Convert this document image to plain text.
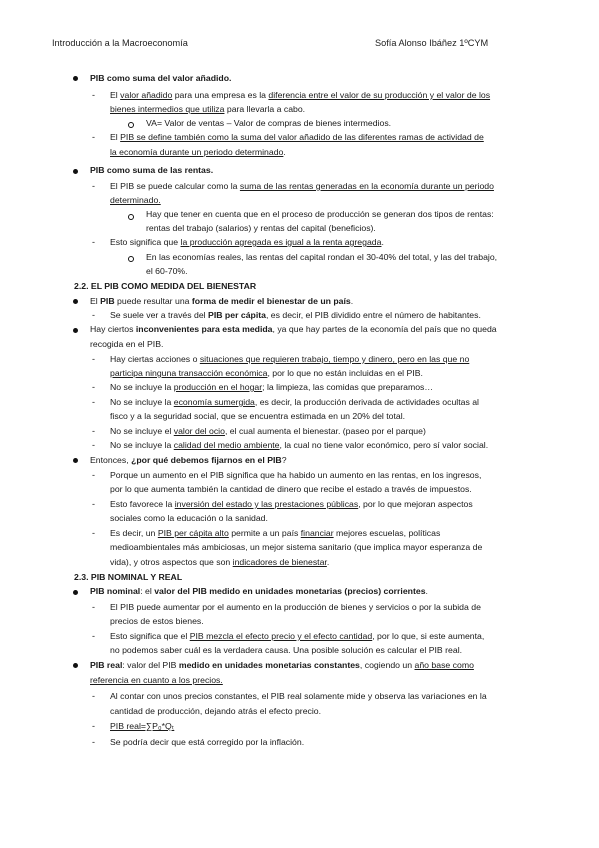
Introducción a la Macroeconomía	Sofía Alonso Ibáñez 1ºCYM
PIB como suma del valor añadido.
- El valor añadido para una empresa es la diferencia entre el valor de su producción y el valor de los
bienes intermedios que utiliza para llevarla a cabo.
VA= Valor de ventas – Valor de compras de bienes intermedios.
- El PIB se define también como la suma del valor añadido de las diferentes ramas de actividad de
la economía durante un periodo determinado.
PIB como suma de las rentas.
- El PIB se puede calcular como la suma de las rentas generadas en la economía durante un periodo
determinado.
Hay que tener en cuenta que en el proceso de producción se generan dos tipos de rentas:
rentas del trabajo (salarios) y rentas del capital (beneficios).
- Esto significa que la producción agregada es igual a la renta agregada.
En las economías reales, las rentas del capital rondan el 30-40% del total, y las del trabajo,
el 60-70%.
2.2. EL PIB COMO MEDIDA DEL BIENESTAR
El PIB puede resultar una forma de medir el bienestar de un país.
- Se suele ver a través del PIB per cápita, es decir, el PIB dividido entre el número de habitantes.
Hay ciertos inconvenientes para esta medida, ya que hay partes de la economía del país que no queda
recogida en el PIB.
- Hay ciertas acciones o situaciones que requieren trabajo, tiempo y dinero, pero en las que no
participa ninguna transacción económica, por lo que no están incluidas en el PIB.
- No se incluye la producción en el hogar; la limpieza, las comidas que preparamos…
- No se incluye la economía sumergida, es decir, la producción derivada de actividades ocultas al
fisco y a la seguridad social, que se encuentra estimada en un 20% del total.
- No se incluye el valor del ocio, el cual aumenta el bienestar. (paseo por el parque)
- No se incluye la calidad del medio ambiente, la cual no tiene valor económico, pero sí valor social.
Entonces, ¿por qué debemos fijarnos en el PIB?
- Porque un aumento en el PIB significa que ha habido un aumento en las rentas, en los ingresos,
por lo que aumenta también la cantidad de dinero que recibe el estado a través de impuestos.
- Esto favorece la inversión del estado y las prestaciones públicas, por lo que mejoran aspectos
sociales como la educación o la sanidad.
- Es decir, un PIB per cápita alto permite a un país financiar mejores escuelas, políticas
medioambientales más ambiciosas, un mejor sistema sanitario (que implica mayor esperanza de
vida), y otros aspectos que son indicadores de bienestar.
2.3. PIB NOMINAL Y REAL
PIB nominal: el valor del PIB medido en unidades monetarias (precios) corrientes.
- El PIB puede aumentar por el aumento en la producción de bienes y servicios o por la subida de
precios de estos bienes.
- Esto significa que el PIB mezcla el efecto precio y el efecto cantidad, por lo que, si este aumenta,
no podemos saber cuál es la verdadera causa. Una posible solución es calcular el PIB real.
PIB real: valor del PIB medido en unidades monetarias constantes, cogiendo un año base como
referencia en cuanto a los precios.
- Al contar con unos precios constantes, el PIB real solamente mide y observa las variaciones en la
cantidad de producción, dejando atrás el efecto precio.
- PIB real=∑P₀*Qₜ
- Se podría decir que está corregido por la inflación.
